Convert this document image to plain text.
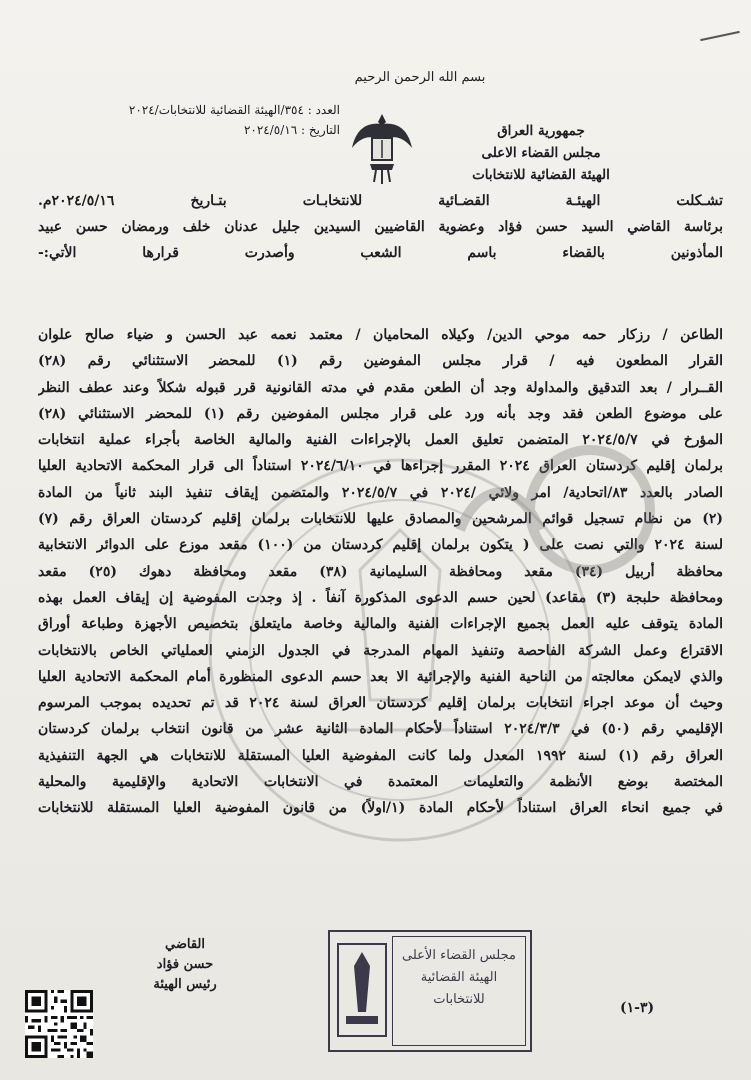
بسم الله الرحمن الرحيم
جمهورية العراق
مجلس القضاء الاعلى
الهيئة القضائية للانتخابات
العدد : ٣٥٤/الهيئة القضائية للانتخابات/٢٠٢٤
التاريخ : ٢٠٢٤/٥/١٦
تشـكلت الهيئـة القضـائية للانتخابـات بتـاريخ ٢٠٢٤/٥/١٦م.
برئاسة القاضي السيد حسن فؤاد وعضوية القاضيين السيدين جليل عدنان خلف ورمضان حسن عبيد
المأذونين بالقضاء باسم الشعب وأصدرت قرارها الأتي:-
الطاعن / رزكار حمه موحي الدين/ وكيلاه المحاميان / معتمد نعمه عبد الحسن و ضياء صالح علوان
القرار المطعون فيه / قرار مجلس المفوضين رقم (١) للمحضر الاستثنائي رقم (٢٨)
القــرار / بعد التدقيق والمداولة وجد أن الطعن مقدم في مدته القانونية قرر قبوله شكلاً وعند عطف النظر
على موضوع الطعن فقد وجد بأنه ورد على قرار مجلس المفوضين رقم (١) للمحضر الاستثنائي (٢٨)
المؤرخ في ٢٠٢٤/٥/٧ المتضمن تعليق العمل بالإجراءات الفنية والمالية الخاصة بأجراء عملية انتخابات
برلمان إقليم كردستان العراق ٢٠٢٤ المقرر إجراءها في ٢٠٢٤/٦/١٠ استناداً الى قرار المحكمة الاتحادية العليا
الصادر بالعدد ٨٣/اتحادية/ امر ولائي /٢٠٢٤ في ٢٠٢٤/٥/٧ والمتضمن إيقاف تنفيذ البند ثانياً من المادة
(٢) من نظام تسجيل قوائم المرشحين والمصادق عليها للانتخابات برلمان إقليم كردستان العراق رقم (٧)
لسنة ٢٠٢٤ والتي نصت على ( يتكون برلمان إقليم كردستان من (١٠٠) مقعد موزع على الدوائر الانتخابية
محافظة أربيل (٣٤) مقعد ومحافظة السليمانية (٣٨) مقعد ومحافظة دهوك (٢٥) مقعد
ومحافظة حلبجة (٣) مقاعد) لحين حسم الدعوى المذكورة آنفاً . إذ وجدت المفوضية إن إيقاف العمل بهذه
المادة يتوقف عليه العمل بجميع الإجراءات الفنية والمالية وخاصة مايتعلق بتخصيص الأجهزة وطباعة أوراق
الاقتراع وعمل الشركة الفاحصة وتنفيذ المهام المدرجة في الجدول الزمني العملياتي الخاص بالانتخابات
والذي لايمكن معالجته من الناحية الفنية والإجرائية الا بعد حسم الدعوى المنظورة أمام المحكمة الاتحادية العليا
وحيث أن موعد اجراء انتخابات برلمان إقليم كردستان العراق لسنة ٢٠٢٤ قد تم تحديده بموجب المرسوم
الإقليمي رقم (٥٠) في ٢٠٢٤/٣/٣ استناداً لأحكام المادة الثانية عشر من قانون انتخاب برلمان كردستان
العراق رقم (١) لسنة ١٩٩٢ المعدل ولما كانت المفوضية العليا المستقلة للانتخابات هي الجهة التنفيذية
المختصة بوضع الأنظمة والتعليمات المعتمدة في الانتخابات الاتحادية والإقليمية والمحلية
في جميع انحاء العراق استناداً لأحكام المادة (١/اولاً) من قانون المفوضية العليا المستقلة للانتخابات
القاضي
حسن فؤاد
رئيس الهيئة
مجلس القضاء الأعلى
الهيئة القضائية
للانتخابات
(٣-١)
